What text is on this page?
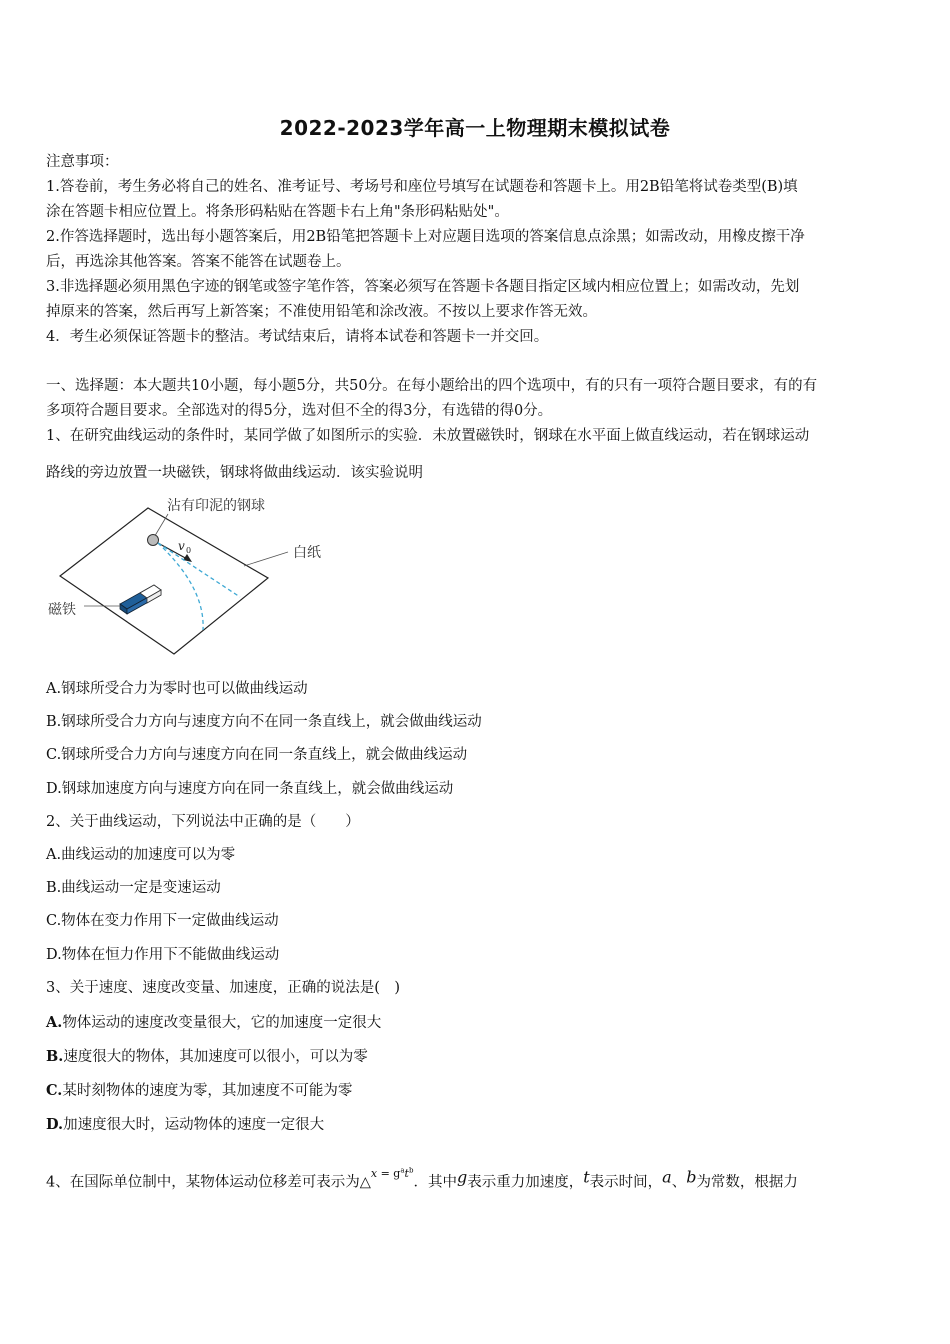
2022-2023学年高一上物理期末模拟试卷
注意事项：
1.答卷前，考生务必将自己的姓名、准考证号、考场号和座位号填写在试题卷和答题卡上。用2B铅笔将试卷类型(B)填
涂在答题卡相应位置上。将条形码粘贴在答题卡右上角"条形码粘贴处"。
2.作答选择题时，选出每小题答案后，用2B铅笔把答题卡上对应题目选项的答案信息点涂黑；如需改动，用橡皮擦干净
后，再选涂其他答案。答案不能答在试题卷上。
3.非选择题必须用黑色字迹的钢笔或签字笔作答，答案必须写在答题卡各题目指定区域内相应位置上；如需改动，先划
掉原来的答案，然后再写上新答案；不准使用铅笔和涂改液。不按以上要求作答无效。
4．考生必须保证答题卡的整洁。考试结束后，请将本试卷和答题卡一并交回。
一、选择题：本大题共10小题，每小题5分，共50分。在每小题给出的四个选项中，有的只有一项符合题目要求，有的有
多项符合题目要求。全部选对的得5分，选对但不全的得3分，有选错的得0分。
1、在研究曲线运动的条件时，某同学做了如图所示的实验．未放置磁铁时，钢球在水平面上做直线运动，若在钢球运动
路线的旁边放置一块磁铁，钢球将做曲线运动．该实验说明
沾有印泥的钢球
v 0	白纸
磁铁
A.钢球所受合力为零时也可以做曲线运动
B.钢球所受合力方向与速度方向不在同一条直线上，就会做曲线运动
C.钢球所受合力方向与速度方向在同一条直线上，就会做曲线运动
D.钢球加速度方向与速度方向在同一条直线上，就会做曲线运动
2、关于曲线运动，下列说法中正确的是（　　）
A.曲线运动的加速度可以为零
B.曲线运动一定是变速运动
C.物体在变力作用下一定做曲线运动
D.物体在恒力作用下不能做曲线运动
3、关于速度、速度改变量、加速度，正确的说法是(　)
A.物体运动的速度改变量很大，它的加速度一定很大
B.速度很大的物体，其加速度可以很小，可以为零
C.某时刻物体的速度为零，其加速度不可能为零
D.加速度很大时，运动物体的速度一定很大
4、在国际单位制中，某物体运动位移差可表示为△$^{x = g^at^b}$．其中g表示重力加速度，t表示时间，a、b为常数，根据力
